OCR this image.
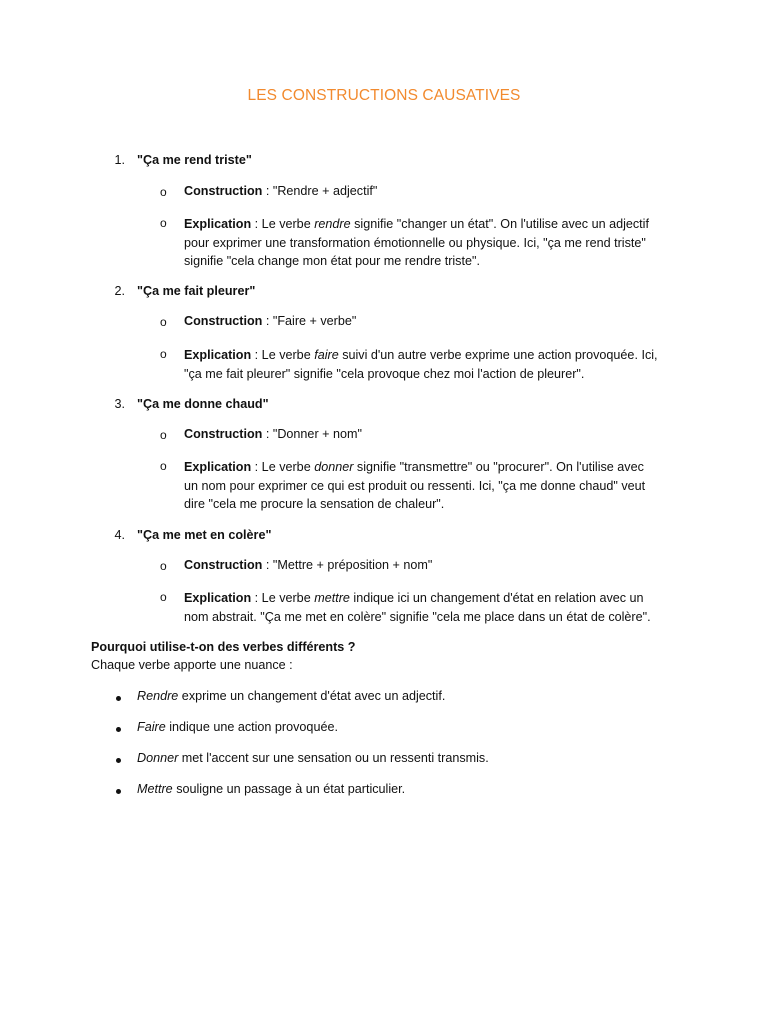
LES CONSTRUCTIONS CAUSATIVES
1. "Ça me rend triste"
o Construction : "Rendre + adjectif"
o Explication : Le verbe rendre signifie "changer un état". On l'utilise avec un adjectif
pour exprimer une transformation émotionnelle ou physique. Ici, "ça me rend triste"
signifie "cela change mon état pour me rendre triste".
2. "Ça me fait pleurer"
o Construction : "Faire + verbe"
o Explication : Le verbe faire suivi d'un autre verbe exprime une action provoquée. Ici,
"ça me fait pleurer" signifie "cela provoque chez moi l'action de pleurer".
3. "Ça me donne chaud"
o Construction : "Donner + nom"
o Explication : Le verbe donner signifie "transmettre" ou "procurer". On l'utilise avec
un nom pour exprimer ce qui est produit ou ressenti. Ici, "ça me donne chaud" veut
dire "cela me procure la sensation de chaleur".
4. "Ça me met en colère"
o Construction : "Mettre + préposition + nom"
o Explication : Le verbe mettre indique ici un changement d'état en relation avec un
nom abstrait. "Ça me met en colère" signifie "cela me place dans un état de colère".
Pourquoi utilise-t-on des verbes différents ?
Chaque verbe apporte une nuance :
Rendre exprime un changement d'état avec un adjectif.
Faire indique une action provoquée.
Donner met l'accent sur une sensation ou un ressenti transmis.
Mettre souligne un passage à un état particulier.
